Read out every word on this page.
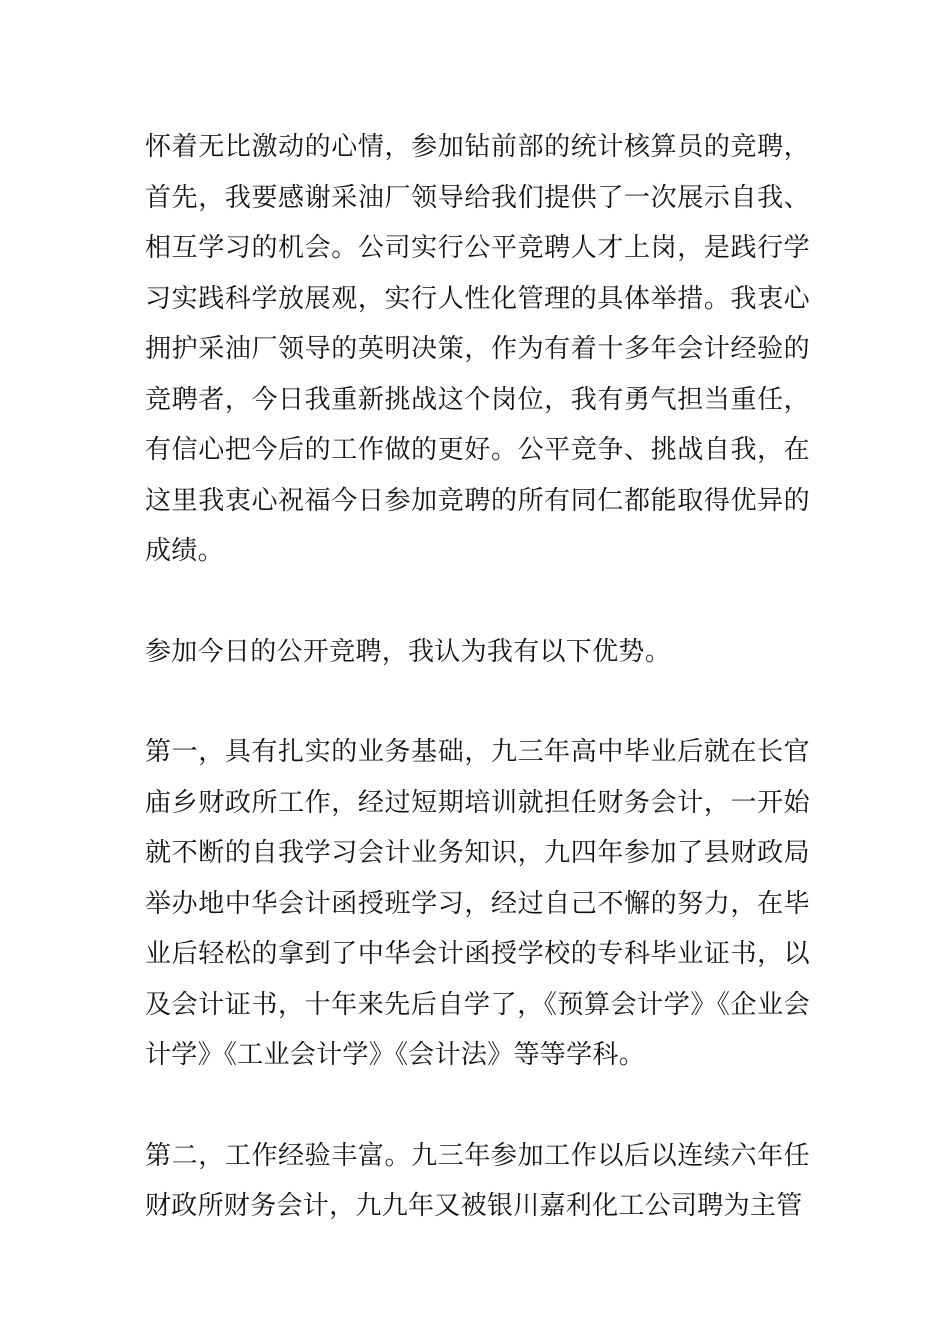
怀着无比激动的心情，参加钻前部的统计核算员的竞聘，首先，我要感谢采油厂领导给我们提供了一次展示自我、相互学习的机会。公司实行公平竞聘人才上岗，是践行学习实践科学放展观，实行人性化管理的具体举措。我衷心拥护采油厂领导的英明决策，作为有着十多年会计经验的竞聘者，今日我重新挑战这个岗位，我有勇气担当重任，有信心把今后的工作做的更好。公平竞争、挑战自我，在这里我衷心祝福今日参加竞聘的所有同仁都能取得优异的成绩。

参加今日的公开竞聘，我认为我有以下优势。

第一，具有扎实的业务基础，九三年高中毕业后就在长官庙乡财政所工作，经过短期培训就担任财务会计，一开始就不断的自我学习会计业务知识，九四年参加了县财政局举办地中华会计函授班学习，经过自己不懈的努力，在毕业后轻松的拿到了中华会计函授学校的专科毕业证书，以及会计证书，十年来先后自学了，《预算会计学》《企业会计学》《工业会计学》《会计法》等等学科。

第二，工作经验丰富。九三年参加工作以后以连续六年任财政所财务会计，九九年又被银川嘉利化工公司聘为主管
